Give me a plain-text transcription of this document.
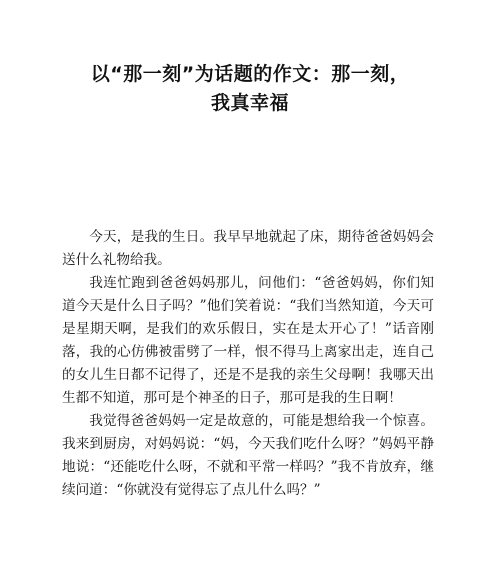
以“那一刻”为话题的作文：那一刻，
我真幸福

今天，是我的生日。我早早地就起了床，期待爸爸妈妈会送什么礼物给我。

我连忙跑到爸爸妈妈那儿，问他们：“爸爸妈妈，你们知道今天是什么日子吗？”他们笑着说：“我们当然知道，今天可是星期天啊，是我们的欢乐假日，实在是太开心了！”话音刚落，我的心仿佛被雷劈了一样，恨不得马上离家出走，连自己的女儿生日都不记得了，还是不是我的亲生父母啊！我哪天出生都不知道，那可是个神圣的日子，那可是我的生日啊！

我觉得爸爸妈妈一定是故意的，可能是想给我一个惊喜。我来到厨房，对妈妈说：“妈，今天我们吃什么呀？”妈妈平静地说：“还能吃什么呀，不就和平常一样吗？”我不肯放弃，继续问道：“你就没有觉得忘了点儿什么吗？”
